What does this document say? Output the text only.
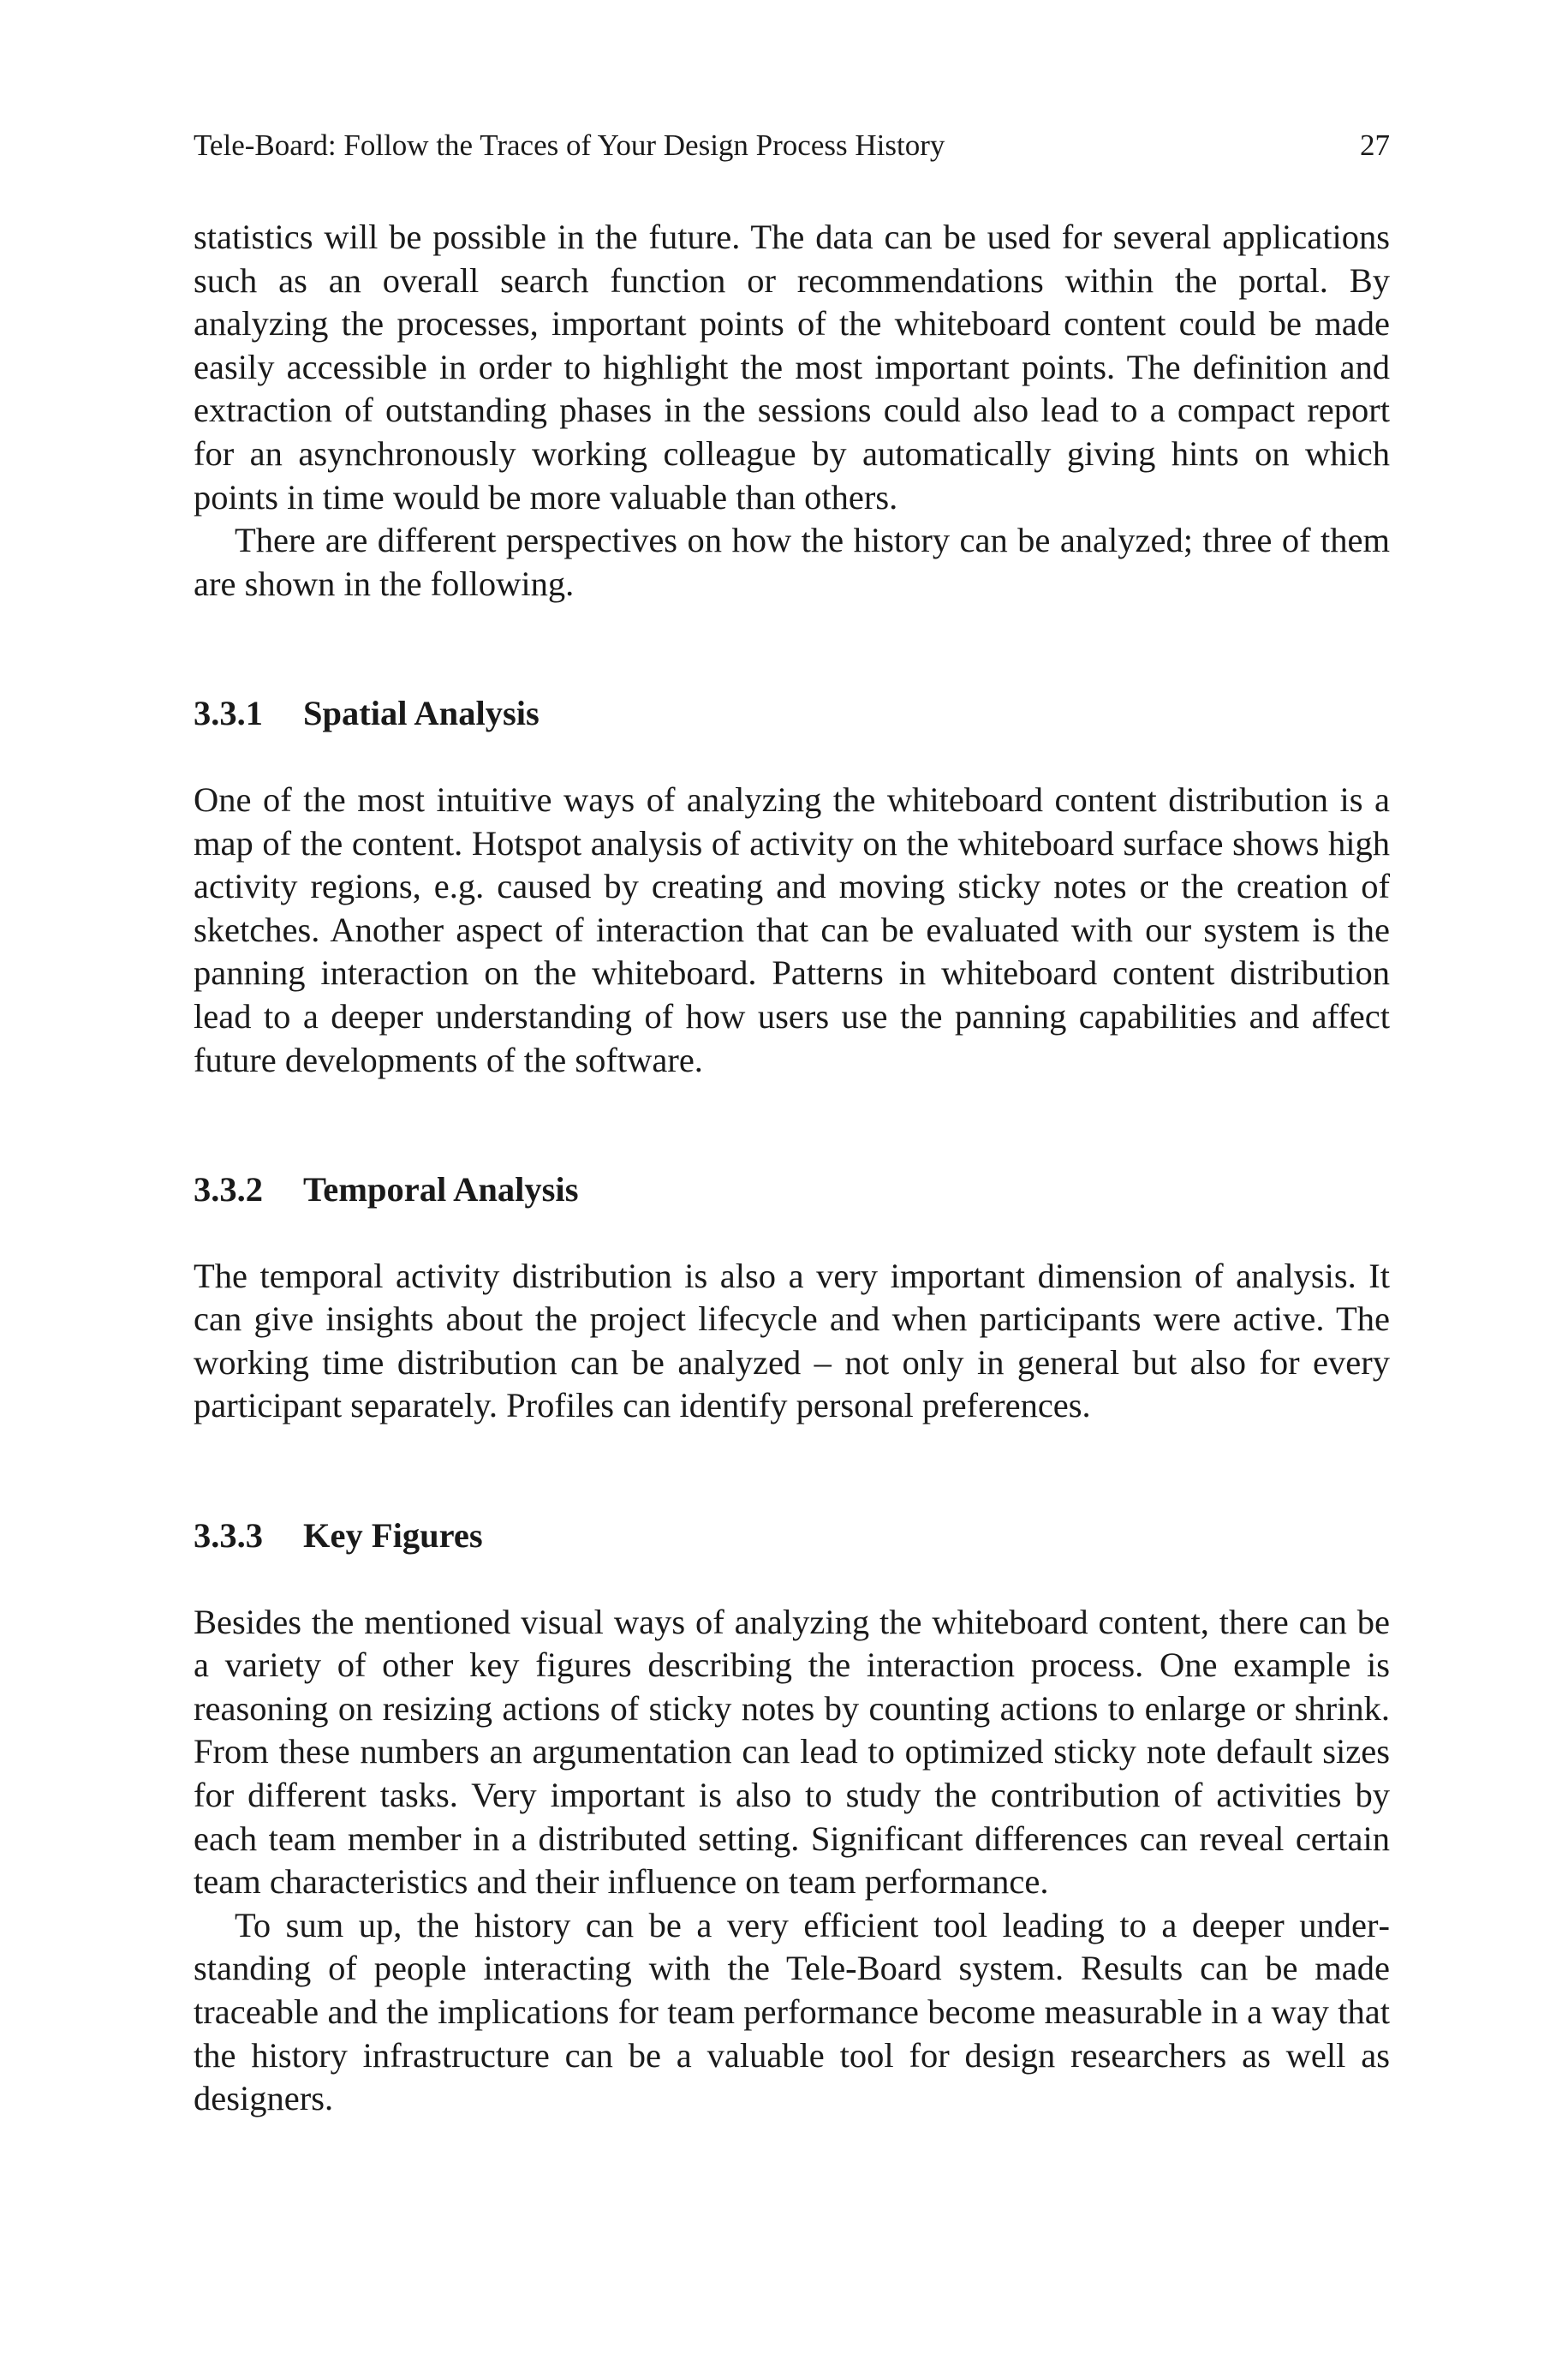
Tele-Board: Follow the Traces of Your Design Process History	27

statistics will be possible in the future. The data can be used for several applications such as an overall search function or recommendations within the portal. By analyzing the processes, important points of the whiteboard content could be made easily accessible in order to highlight the most important points. The definition and extraction of outstanding phases in the sessions could also lead to a compact report for an asynchronously working colleague by automatically giving hints on which points in time would be more valuable than others.

There are different perspectives on how the history can be analyzed; three of them are shown in the following.

3.3.1 Spatial Analysis

One of the most intuitive ways of analyzing the whiteboard content distribution is a map of the content. Hotspot analysis of activity on the whiteboard surface shows high activity regions, e.g. caused by creating and moving sticky notes or the creation of sketches. Another aspect of interaction that can be evaluated with our system is the panning interaction on the whiteboard. Patterns in whiteboard content distribution lead to a deeper understanding of how users use the panning capabilities and affect future developments of the software.

3.3.2 Temporal Analysis

The temporal activity distribution is also a very important dimension of analysis. It can give insights about the project lifecycle and when participants were active. The working time distribution can be analyzed – not only in general but also for every participant separately. Profiles can identify personal preferences.

3.3.3 Key Figures

Besides the mentioned visual ways of analyzing the whiteboard content, there can be a variety of other key figures describing the interaction process. One example is reasoning on resizing actions of sticky notes by counting actions to enlarge or shrink. From these numbers an argumentation can lead to optimized sticky note default sizes for different tasks. Very important is also to study the contribution of activities by each team member in a distributed setting. Significant differences can reveal certain team characteristics and their influence on team performance.

To sum up, the history can be a very efficient tool leading to a deeper understanding of people interacting with the Tele-Board system. Results can be made traceable and the implications for team performance become measurable in a way that the history infrastructure can be a valuable tool for design researchers as well as designers.
